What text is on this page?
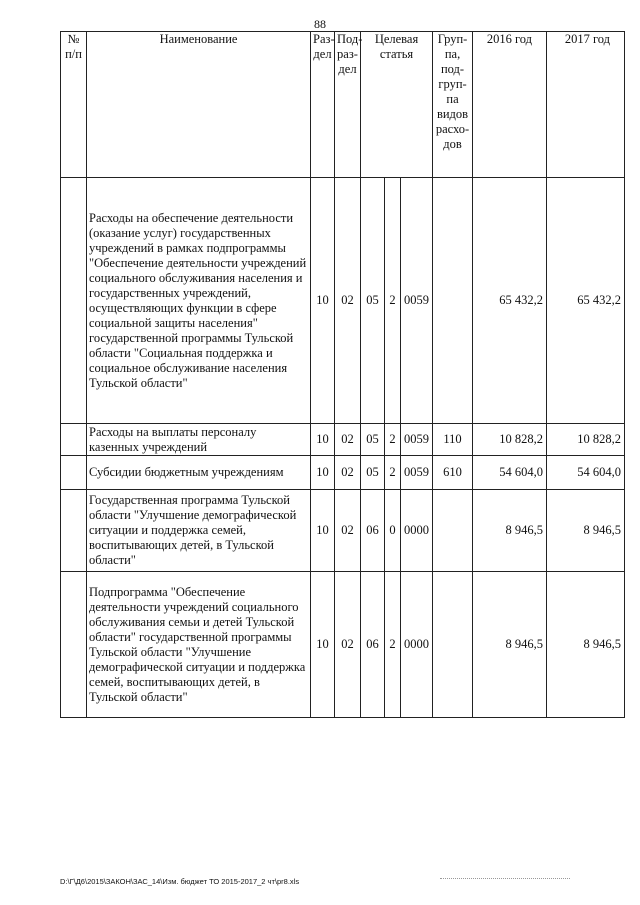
88
№ п/п	Наименование	Раз-дел	Под-раз-дел	Целевая статья			Груп-па, под-груп-па видов расхо-дов	2016 год	2017 год
	Расходы на обеспечение деятельности (оказание услуг) государственных учреждений в рамках подпрограммы "Обеспечение деятельности учреждений социального обслуживания населения и государственных учреждений, осуществляющих функции в сфере социальной защиты населения" государственной программы Тульской области "Социальная поддержка и социальное обслуживание населения Тульской области"	10	02	05	2	0059		65 432,2	65 432,2
	Расходы на выплаты персоналу казенных учреждений	10	02	05	2	0059	110	10 828,2	10 828,2
	Субсидии бюджетным учреждениям	10	02	05	2	0059	610	54 604,0	54 604,0
	Государственная программа Тульской области "Улучшение демографической ситуации и поддержка семей, воспитывающих детей, в Тульской области"	10	02	06	0	0000		8 946,5	8 946,5
	Подпрограмма "Обеспечение деятельности учреждений социального обслуживания семьи и детей Тульской области" государственной программы Тульской области "Улучшение демографической ситуации и поддержка семей, воспитывающих детей, в Тульской области"	10	02	06	2	0000		8 946,5	8 946,5
D:\Г\Д6\2015\ЗАКОН\ЗАС_14\Изм. бюджет ТО 2015-2017_2 чт\pr8.xls
